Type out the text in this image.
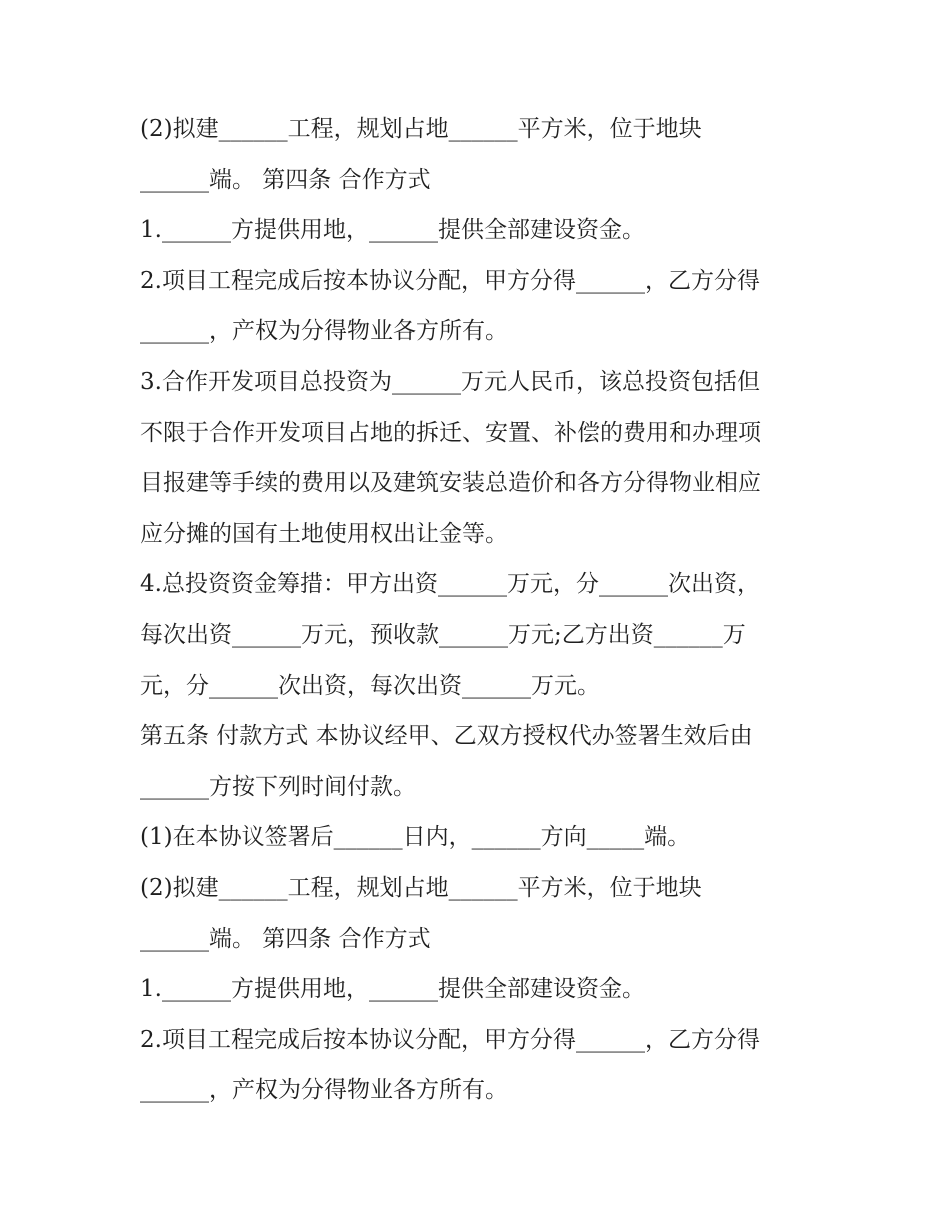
(2)拟建______工程，规划占地______平方米，位于地块

______端。 第四条 合作方式

1.______方提供用地，______提供全部建设资金。

2.项目工程完成后按本协议分配，甲方分得______，乙方分得

______，产权为分得物业各方所有。

3.合作开发项目总投资为______万元人民币，该总投资包括但

不限于合作开发项目占地的拆迁、安置、补偿的费用和办理项

目报建等手续的费用以及建筑安装总造价和各方分得物业相应

应分摊的国有土地使用权出让金等。

4.总投资资金筹措：甲方出资______万元，分______次出资，

每次出资______万元，预收款______万元;乙方出资______万

元，分______次出资，每次出资______万元。

第五条 付款方式 本协议经甲、乙双方授权代办签署生效后由

______方按下列时间付款。

(1)在本协议签署后______日内，______方向_____端。

(2)拟建______工程，规划占地______平方米，位于地块

______端。 第四条 合作方式

1.______方提供用地，______提供全部建设资金。

2.项目工程完成后按本协议分配，甲方分得______，乙方分得

______，产权为分得物业各方所有。
